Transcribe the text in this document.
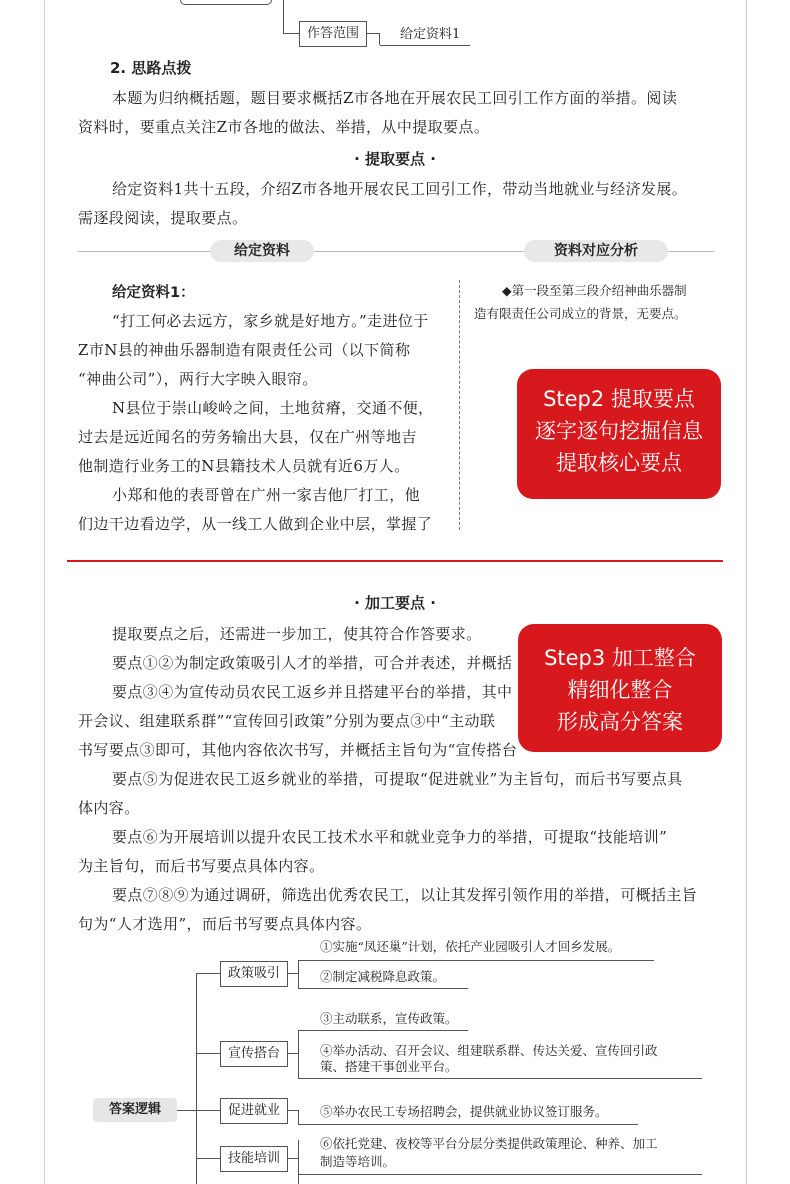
作答范围	给定资料1
2. 思路点拨
本题为归纳概括题，题目要求概括Z市各地在开展农民工回引工作方面的举措。阅读
资料时，要重点关注Z市各地的做法、举措，从中提取要点。
· 提取要点 ·
给定资料1共十五段，介绍Z市各地开展农民工回引工作，带动当地就业与经济发展。
需逐段阅读，提取要点。
给定资料	资料对应分析
给定资料1：
“打工何必去远方，家乡就是好地方。”走进位于
Z市N县的神曲乐器制造有限责任公司（以下简称
“神曲公司”），两行大字映入眼帘。
N县位于崇山峻岭之间，土地贫瘠，交通不便，
过去是远近闻名的劳务输出大县，仅在广州等地吉
他制造行业务工的N县籍技术人员就有近6万人。
小郑和他的表哥曾在广州一家吉他厂打工，他
们边干边看边学，从一线工人做到企业中层，掌握了
◆第一段至第三段介绍神曲乐器制
造有限责任公司成立的背景，无要点。
Step2 提取要点
逐字逐句挖掘信息
提取核心要点
· 加工要点 ·
提取要点之后，还需进一步加工，使其符合作答要求。
要点①②为制定政策吸引人才的举措，可合并表述，并概括
要点③④为宣传动员农民工返乡并且搭建平台的举措，其中
开会议、组建联系群”“宣传回引政策”分别为要点③中“主动联
书写要点③即可，其他内容依次书写，并概括主旨句为“宣传搭台
要点⑤为促进农民工返乡就业的举措，可提取“促进就业”为主旨句，而后书写要点具
体内容。
要点⑥为开展培训以提升农民工技术水平和就业竞争力的举措，可提取“技能培训”
为主旨句，而后书写要点具体内容。
要点⑦⑧⑨为通过调研，筛选出优秀农民工，以让其发挥引领作用的举措，可概括主旨
句为“人才选用”，而后书写要点具体内容。
Step3 加工整合
精细化整合
形成高分答案
答案逻辑
政策吸引
①实施“凤还巢”计划，依托产业园吸引人才回乡发展。
②制定减税降息政策。
宣传搭台
③主动联系，宣传政策。
④举办活动、召开会议、组建联系群、传达关爱、宣传回引政
策、搭建干事创业平台。
促进就业	⑤举办农民工专场招聘会，提供就业协议签订服务。
技能培训
⑥依托党建、夜校等平台分层分类提供政策理论、种养、加工
制造等培训。
